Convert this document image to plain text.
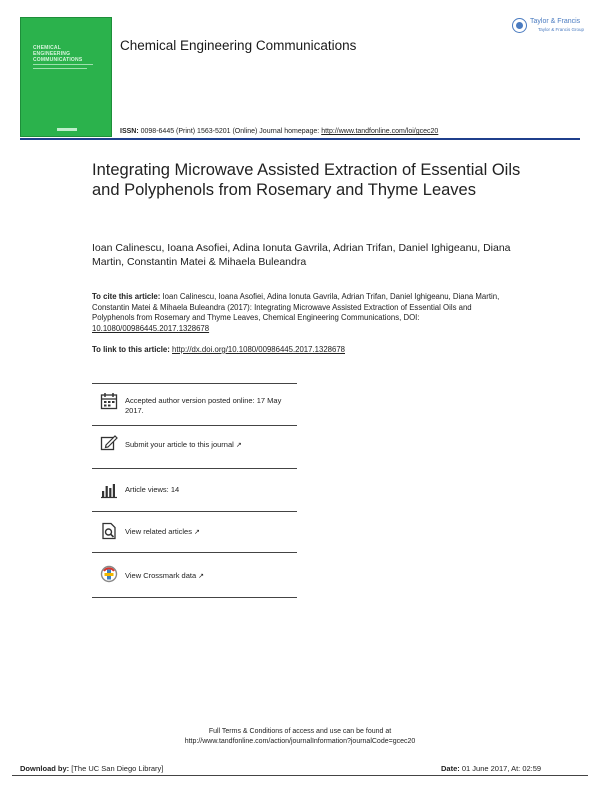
CHEMICAL ENGINEERING COMMUNICATIONS
Chemical Engineering Communications
Taylor & Francis
Taylor & Francis Group
ISSN: 0098-6445 (Print) 1563-5201 (Online) Journal homepage: http://www.tandfonline.com/loi/gcec20
Integrating Microwave Assisted Extraction of Essential Oils and Polyphenols from Rosemary and Thyme Leaves
Ioan Calinescu, Ioana Asofiei, Adina Ionuta Gavrila, Adrian Trifan, Daniel Ighigeanu, Diana Martin, Constantin Matei & Mihaela Buleandra
To cite this article: Ioan Calinescu, Ioana Asofiei, Adina Ionuta Gavrila, Adrian Trifan, Daniel Ighigeanu, Diana Martin, Constantin Matei & Mihaela Buleandra (2017): Integrating Microwave Assisted Extraction of Essential Oils and Polyphenols from Rosemary and Thyme Leaves, Chemical Engineering Communications, DOI: 10.1080/00986445.2017.1328678
To link to this article: http://dx.doi.org/10.1080/00986445.2017.1328678
Accepted author version posted online: 17 May 2017.
Submit your article to this journal ↗
Article views: 14
View related articles ↗
View Crossmark data ↗
Full Terms & Conditions of access and use can be found at
http://www.tandfonline.com/action/journalInformation?journalCode=gcec20
Download by: [The UC San Diego Library]	Date: 01 June 2017, At: 02:59
